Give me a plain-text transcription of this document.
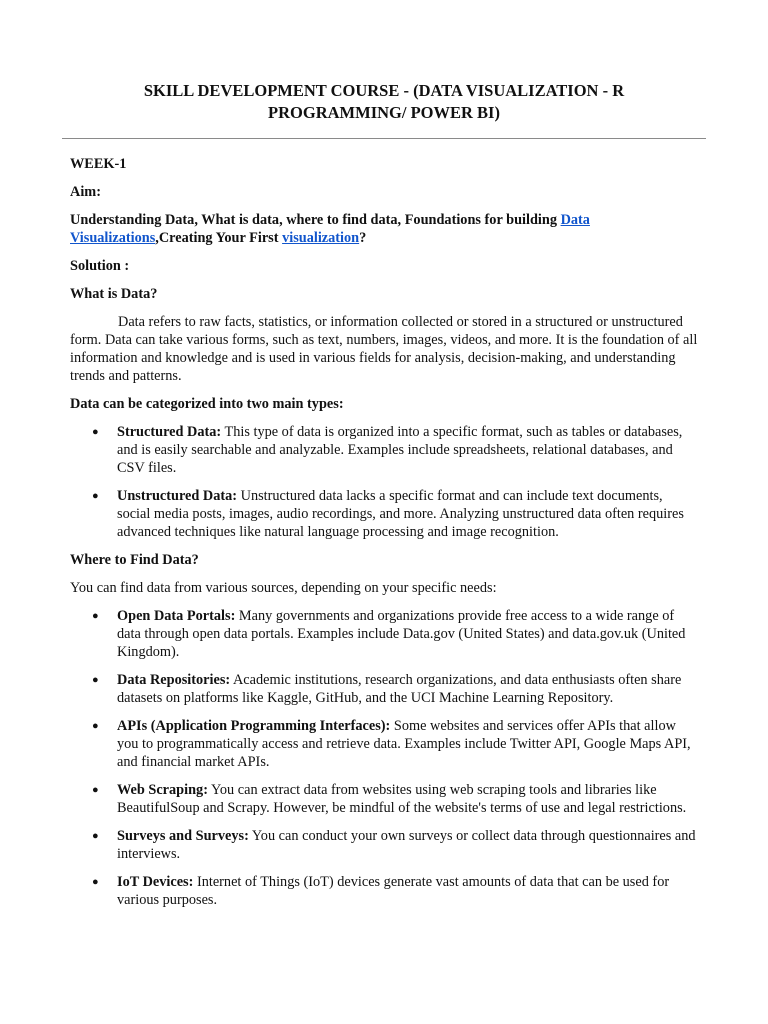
SKILL DEVELOPMENT COURSE - (DATA VISUALIZATION - R PROGRAMMING/ POWER BI)

WEEK-1

Aim:

Understanding Data, What is data, where to find data, Foundations for building Data Visualizations,Creating Your First visualization?

Solution :

What is Data?

Data refers to raw facts, statistics, or information collected or stored in a structured or unstructured form. Data can take various forms, such as text, numbers, images, videos, and more. It is the foundation of all information and knowledge and is used in various fields for analysis, decision-making, and understanding trends and patterns.

Data can be categorized into two main types:

● Structured Data: This type of data is organized into a specific format, such as tables or databases, and is easily searchable and analyzable. Examples include spreadsheets, relational databases, and CSV files.
● Unstructured Data: Unstructured data lacks a specific format and can include text documents, social media posts, images, audio recordings, and more. Analyzing unstructured data often requires advanced techniques like natural language processing and image recognition.

Where to Find Data?

You can find data from various sources, depending on your specific needs:

● Open Data Portals: Many governments and organizations provide free access to a wide range of data through open data portals. Examples include Data.gov (United States) and data.gov.uk (United Kingdom).
● Data Repositories: Academic institutions, research organizations, and data enthusiasts often share datasets on platforms like Kaggle, GitHub, and the UCI Machine Learning Repository.
● APIs (Application Programming Interfaces): Some websites and services offer APIs that allow you to programmatically access and retrieve data. Examples include Twitter API, Google Maps API, and financial market APIs.
● Web Scraping: You can extract data from websites using web scraping tools and libraries like BeautifulSoup and Scrapy. However, be mindful of the website's terms of use and legal restrictions.
● Surveys and Surveys: You can conduct your own surveys or collect data through questionnaires and interviews.
● IoT Devices: Internet of Things (IoT) devices generate vast amounts of data that can be used for various purposes.
